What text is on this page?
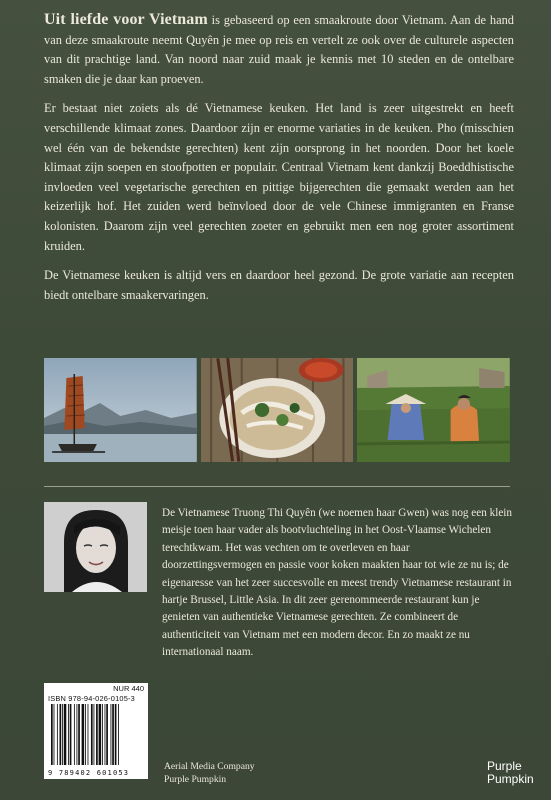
Uit liefde voor Vietnam is gebaseerd op een smaakroute door Vietnam. Aan de hand van deze smaakroute neemt Quyên je mee op reis en vertelt ze ook over de culturele aspecten van dit prachtige land. Van noord naar zuid maak je kennis met 10 steden en de ontelbare smaken die je daar kan proeven.

Er bestaat niet zoiets als dé Vietnamese keuken. Het land is zeer uitgestrekt en heeft verschillende klimaat zones. Daardoor zijn er enorme variaties in de keuken. Pho (misschien wel één van de bekendste gerechten) kent zijn oorsprong in het noorden. Door het koele klimaat zijn soepen en stoofpotten er populair. Centraal Vietnam kent dankzij Boeddhistische invloeden veel vegetarische gerechten en pittige bijgerechten die gemaakt werden aan het keizerlijk hof. Het zuiden werd beïnvloed door de vele Chinese immigranten en Franse kolonisten. Daarom zijn veel gerechten zoeter en gebruikt men een nog groter assortiment kruiden.

De Vietnamese keuken is altijd vers en daardoor heel gezond. De grote variatie aan recepten biedt ontelbare smaakervaringen.

De Vietnamese Truong Thi Quyên (we noemen haar Gwen) was nog een klein meisje toen haar vader als bootvluchteling in het Oost-Vlaamse Wichelen terechtkwam. Het was vechten om te overleven en haar doorzettingsvermogen en passie voor koken maakten haar tot wie ze nu is; de eigenaresse van het zeer succesvolle en meest trendy Vietnamese restaurant in hartje Brussel, Little Asia. In dit zeer gerenommeerde restaurant kun je genieten van authentieke Vietnamese gerechten. Ze combineert de authenticiteit van Vietnam met een modern decor. En zo maakt ze nu internationaal naam.
NUR 440
ISBN 978-94-026-0105-3
9 789402 601053
Aerial Media Company
Purple Pumpkin
Purple
Pumpkin
